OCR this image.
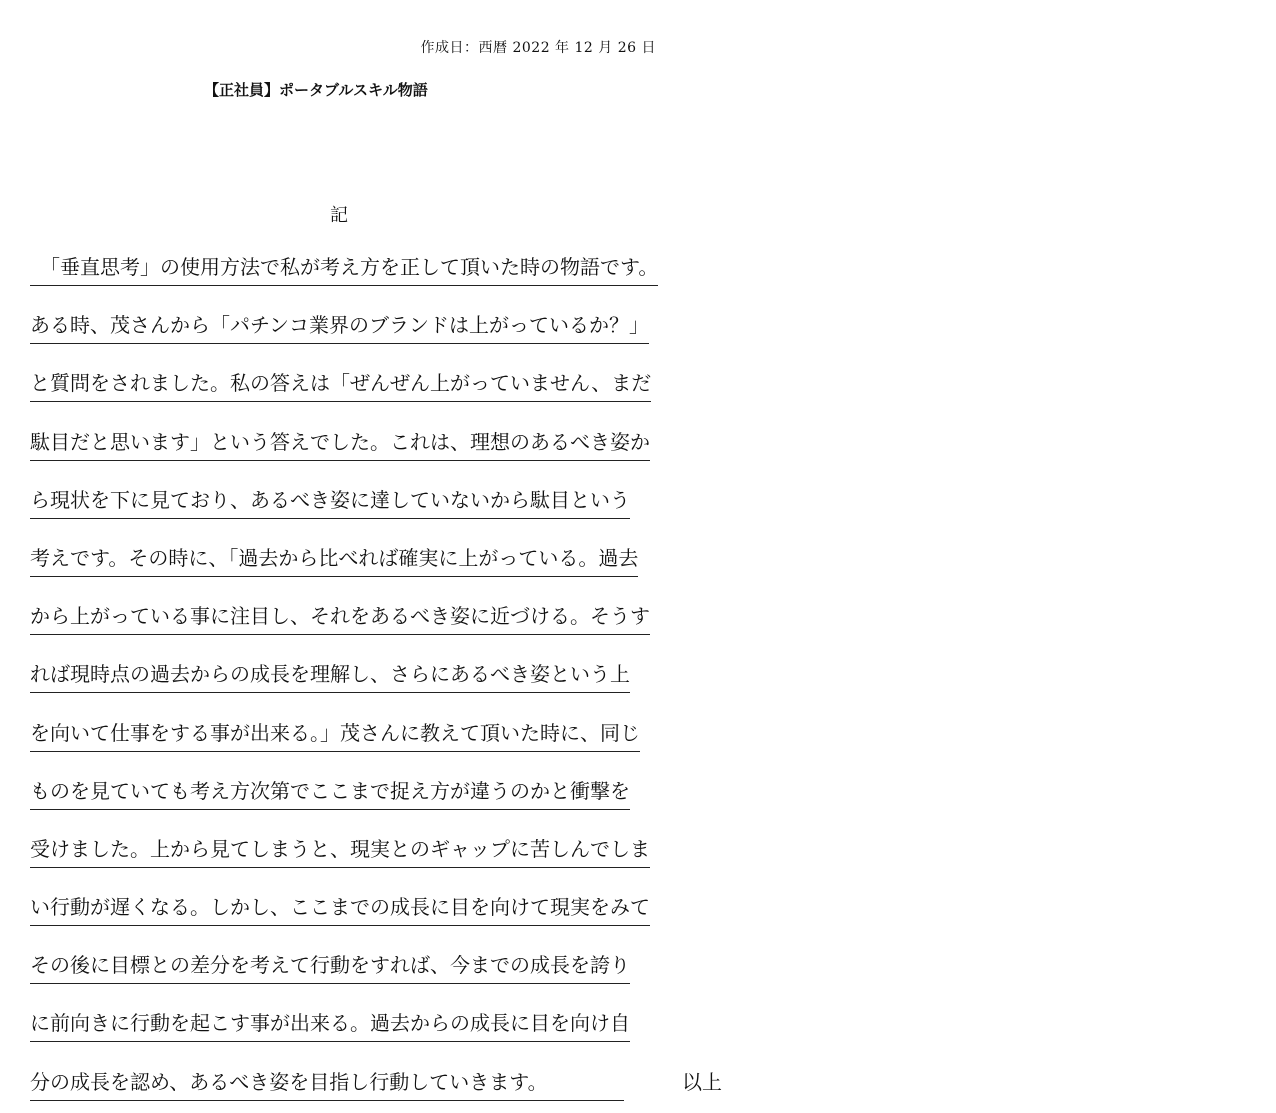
作成日：西暦 2022 年 12 月 26 日
【正社員】ポータブルスキル物語
記
　「垂直思考」の使用方法で私が考え方を正して頂いた時の物語です。
ある時、茂さんから「パチンコ業界のブランドは上がっているか？」
と質問をされました。私の答えは「ぜんぜん上がっていません、まだ
駄目だと思います」という答えでした。これは、理想のあるべき姿か
ら現状を下に見ており、あるべき姿に達していないから駄目という
考えです。その時に、「過去から比べれば確実に上がっている。過去
から上がっている事に注目し、それをあるべき姿に近づける。そうす
れば現時点の過去からの成長を理解し、さらにあるべき姿という上
を向いて仕事をする事が出来る。」茂さんに教えて頂いた時に、同じ
ものを見ていても考え方次第でここまで捉え方が違うのかと衝撃を
受けました。上から見てしまうと、現実とのギャップに苦しんでしま
い行動が遅くなる。しかし、ここまでの成長に目を向けて現実をみて
その後に目標との差分を考えて行動をすれば、今までの成長を誇り
に前向きに行動を起こす事が出来る。過去からの成長に目を向け自
分の成長を認め、あるべき姿を目指し行動していきます。	以上
